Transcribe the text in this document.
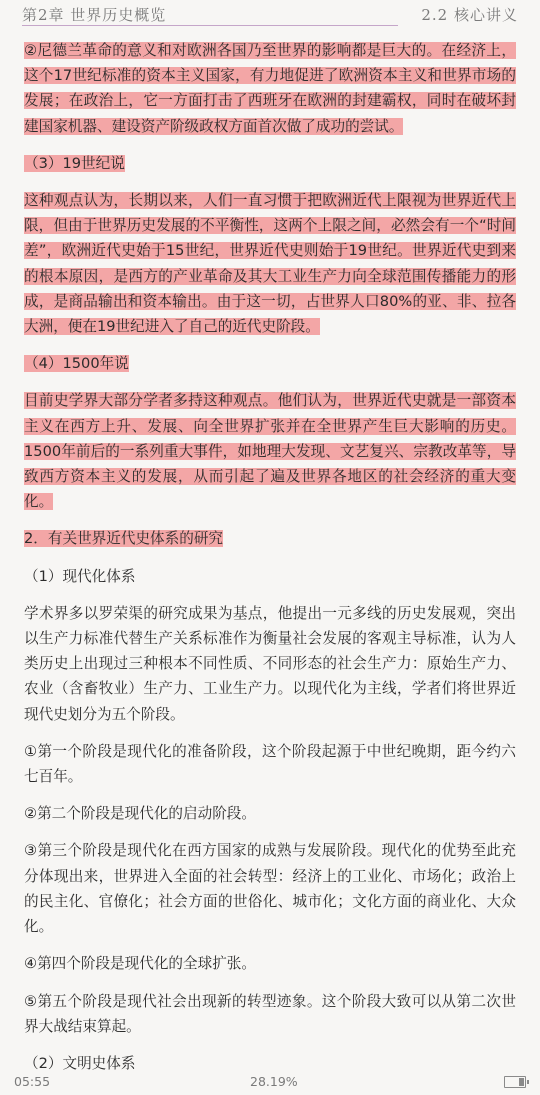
第2章 世界历史概览	2.2 核心讲义

②尼德兰革命的意义和对欧洲各国乃至世界的影响都是巨大的。在经济上，这个17世纪标准的资本主义国家，有力地促进了欧洲资本主义和世界市场的发展；在政治上，它一方面打击了西班牙在欧洲的封建霸权，同时在破坏封建国家机器、建设资产阶级政权方面首次做了成功的尝试。

（3）19世纪说

这种观点认为，长期以来，人们一直习惯于把欧洲近代上限视为世界近代上限，但由于世界历史发展的不平衡性，这两个上限之间，必然会有一个“时间差”，欧洲近代史始于15世纪，世界近代史则始于19世纪。世界近代史到来的根本原因，是西方的产业革命及其大工业生产力向全球范围传播能力的形成，是商品输出和资本输出。由于这一切，占世界人口80%的亚、非、拉各大洲，便在19世纪进入了自己的近代史阶段。

（4）1500年说

目前史学界大部分学者多持这种观点。他们认为，世界近代史就是一部资本主义在西方上升、发展、向全世界扩张并在全世界产生巨大影响的历史。1500年前后的一系列重大事件，如地理大发现、文艺复兴、宗教改革等，导致西方资本主义的发展，从而引起了遍及世界各地区的社会经济的重大变化。

2．有关世界近代史体系的研究

（1）现代化体系

学术界多以罗荣渠的研究成果为基点，他提出一元多线的历史发展观，突出以生产力标准代替生产关系标准作为衡量社会发展的客观主导标准，认为人类历史上出现过三种根本不同性质、不同形态的社会生产力：原始生产力、农业（含畜牧业）生产力、工业生产力。以现代化为主线，学者们将世界近现代史划分为五个阶段。

①第一个阶段是现代化的准备阶段，这个阶段起源于中世纪晚期，距今约六七百年。

②第二个阶段是现代化的启动阶段。

③第三个阶段是现代化在西方国家的成熟与发展阶段。现代化的优势至此充分体现出来，世界进入全面的社会转型：经济上的工业化、市场化；政治上的民主化、官僚化；社会方面的世俗化、城市化；文化方面的商业化、大众化。

④第四个阶段是现代化的全球扩张。

⑤第五个阶段是现代社会出现新的转型迹象。这个阶段大致可以从第二次世界大战结束算起。

（2）文明史体系

05:55	28.19%
